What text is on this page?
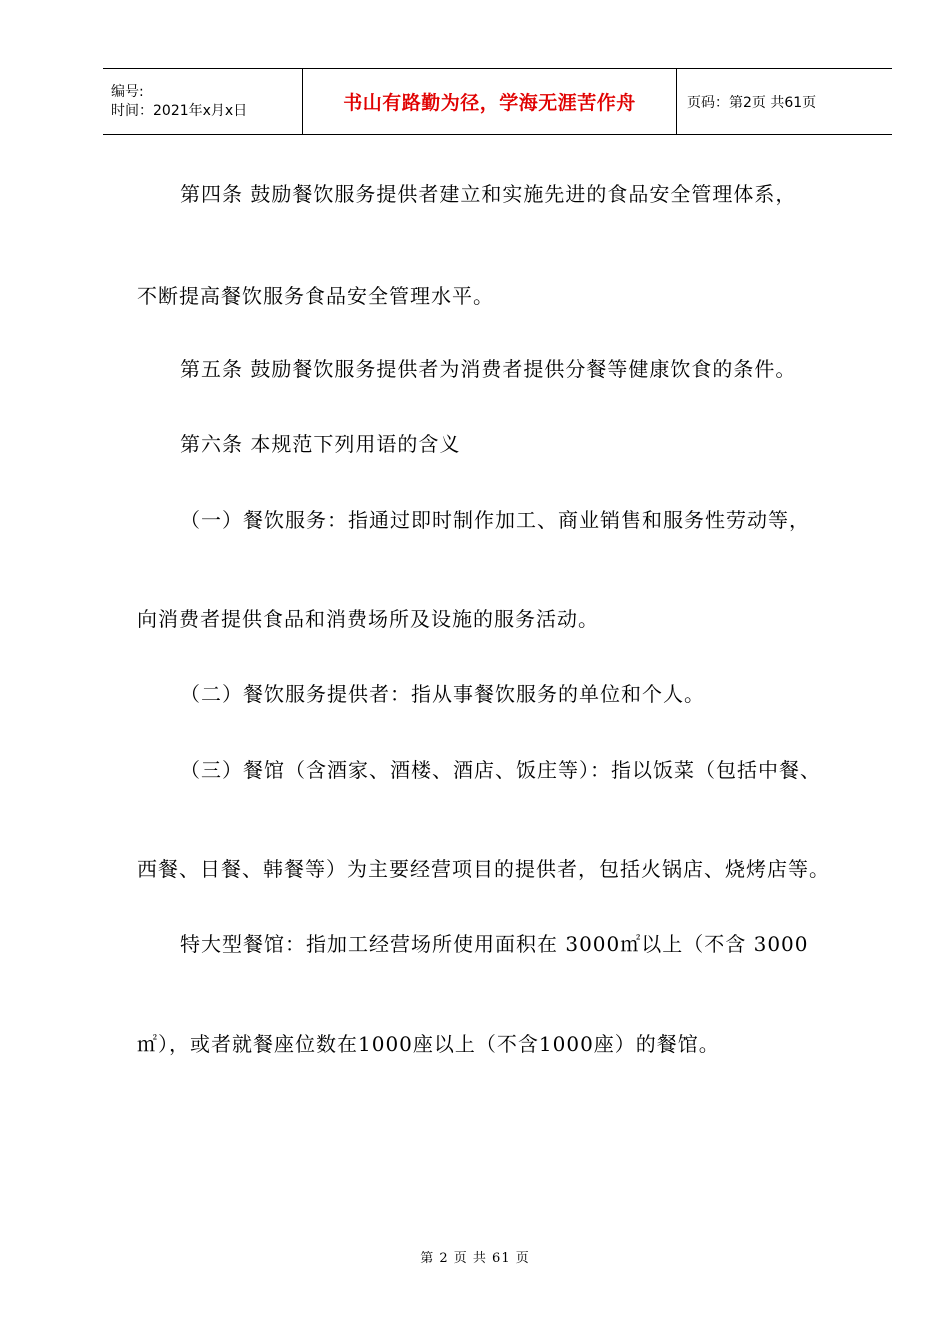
编号:
时间：2021年x月x日	书山有路勤为径，学海无涯苦作舟	页码：第2页 共61页
第四条 鼓励餐饮服务提供者建立和实施先进的食品安全管理体系，
不断提高餐饮服务食品安全管理水平。
第五条 鼓励餐饮服务提供者为消费者提供分餐等健康饮食的条件。
第六条 本规范下列用语的含义
（一）餐饮服务：指通过即时制作加工、商业销售和服务性劳动等，
向消费者提供食品和消费场所及设施的服务活动。
（二）餐饮服务提供者：指从事餐饮服务的单位和个人。
（三）餐馆（含酒家、酒楼、酒店、饭庄等）：指以饭菜（包括中餐、
西餐、日餐、韩餐等）为主要经营项目的提供者，包括火锅店、烧烤店等。
特大型餐馆：指加工经营场所使用面积在 3000㎡以上（不含 3000
㎡），或者就餐座位数在1000座以上（不含1000座）的餐馆。
第 2 页 共 61 页
